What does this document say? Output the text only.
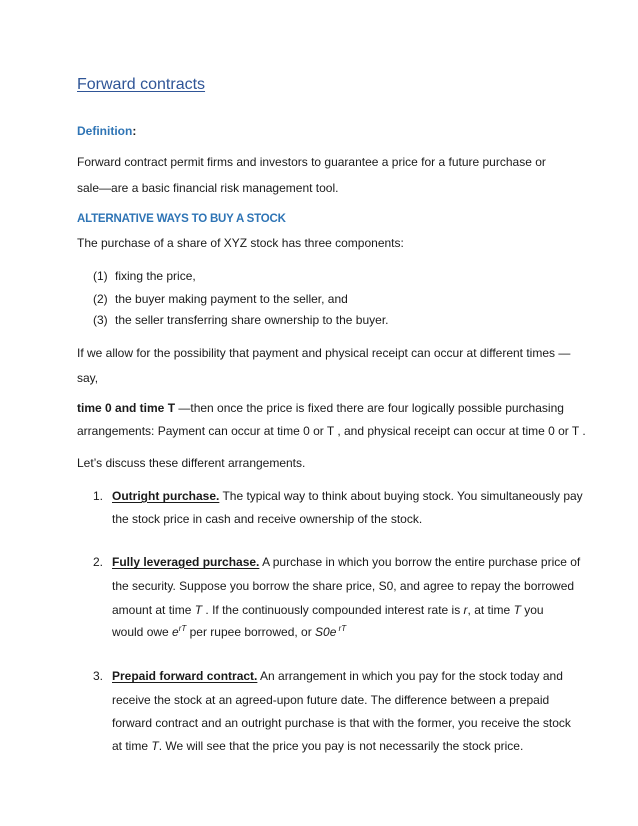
Forward contracts
Definition:
Forward contract permit firms and investors to guarantee a price for a future purchase or
sale—are a basic financial risk management tool.
ALTERNATIVE WAYS TO BUY A STOCK
The purchase of a share of XYZ stock has three components:
(1) fixing the price,
(2) the buyer making payment to the seller, and
(3) the seller transferring share ownership to the buyer.
If we allow for the possibility that payment and physical receipt can occur at different times —
say,
time 0 and time T —then once the price is fixed there are four logically possible purchasing
arrangements: Payment can occur at time 0 or T , and physical receipt can occur at time 0 or T .
Let’s discuss these different arrangements.
1. Outright purchase. The typical way to think about buying stock. You simultaneously pay
the stock price in cash and receive ownership of the stock.
2. Fully leveraged purchase. A purchase in which you borrow the entire purchase price of
the security. Suppose you borrow the share price, S0, and agree to repay the borrowed
amount at time T . If the continuously compounded interest rate is r, at time T you
would owe $e^{rT}$ per rupee borrowed, or S0e $^{rT}$
3. Prepaid forward contract. An arrangement in which you pay for the stock today and
receive the stock at an agreed-upon future date. The difference between a prepaid
forward contract and an outright purchase is that with the former, you receive the stock
at time T. We will see that the price you pay is not necessarily the stock price.
